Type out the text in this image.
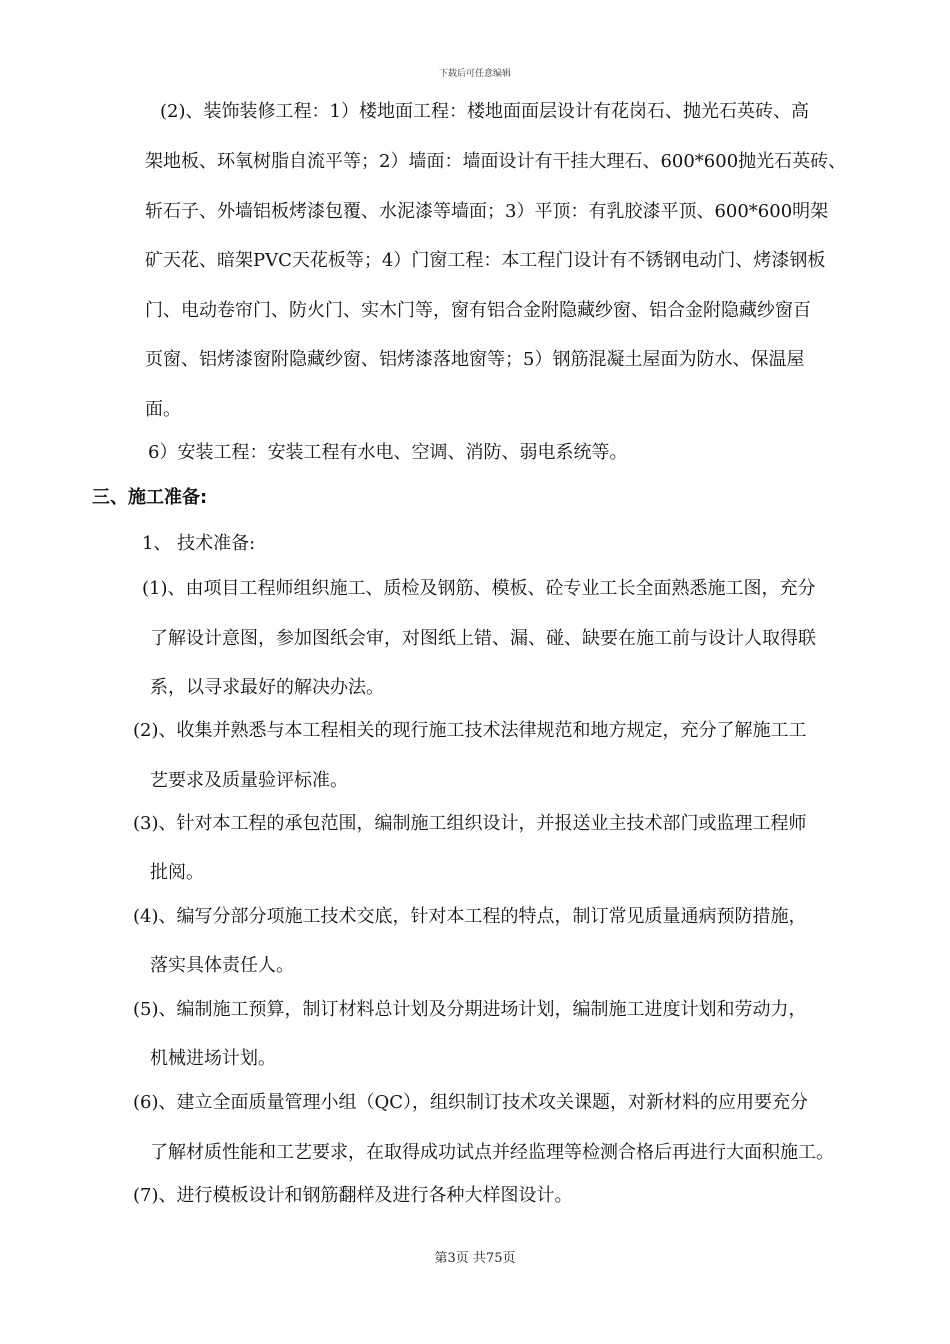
下载后可任意编辑
(2)、装饰装修工程：1）楼地面工程：楼地面面层设计有花岗石、抛光石英砖、高
架地板、环氧树脂自流平等；2）墙面：墙面设计有干挂大理石、600*600抛光石英砖、
斩石子、外墙铝板烤漆包覆、水泥漆等墙面；3）平顶：有乳胶漆平顶、600*600明架
矿天花、暗架PVC天花板等；4）门窗工程：本工程门设计有不锈钢电动门、烤漆钢板
门、电动卷帘门、防火门、实木门等，窗有铝合金附隐藏纱窗、铝合金附隐藏纱窗百
页窗、铝烤漆窗附隐藏纱窗、铝烤漆落地窗等；5）钢筋混凝土屋面为防水、保温屋
面。
6）安装工程：安装工程有水电、空调、消防、弱电系统等。
三、施工准备:
1、 技术准备:
(1)、由项目工程师组织施工、质检及钢筋、模板、砼专业工长全面熟悉施工图，充分
了解设计意图，参加图纸会审，对图纸上错、漏、碰、缺要在施工前与设计人取得联
系，以寻求最好的解决办法。
(2)、收集并熟悉与本工程相关的现行施工技术法律规范和地方规定，充分了解施工工
艺要求及质量验评标准。
(3)、针对本工程的承包范围，编制施工组织设计，并报送业主技术部门或监理工程师
批阅。
(4)、编写分部分项施工技术交底，针对本工程的特点，制订常见质量通病预防措施，
落实具体责任人。
(5)、编制施工预算，制订材料总计划及分期进场计划，编制施工进度计划和劳动力，
机械进场计划。
(6)、建立全面质量管理小组（QC），组织制订技术攻关课题，对新材料的应用要充分
了解材质性能和工艺要求，在取得成功试点并经监理等检测合格后再进行大面积施工。
(7)、进行模板设计和钢筋翻样及进行各种大样图设计。
第3页 共75页
